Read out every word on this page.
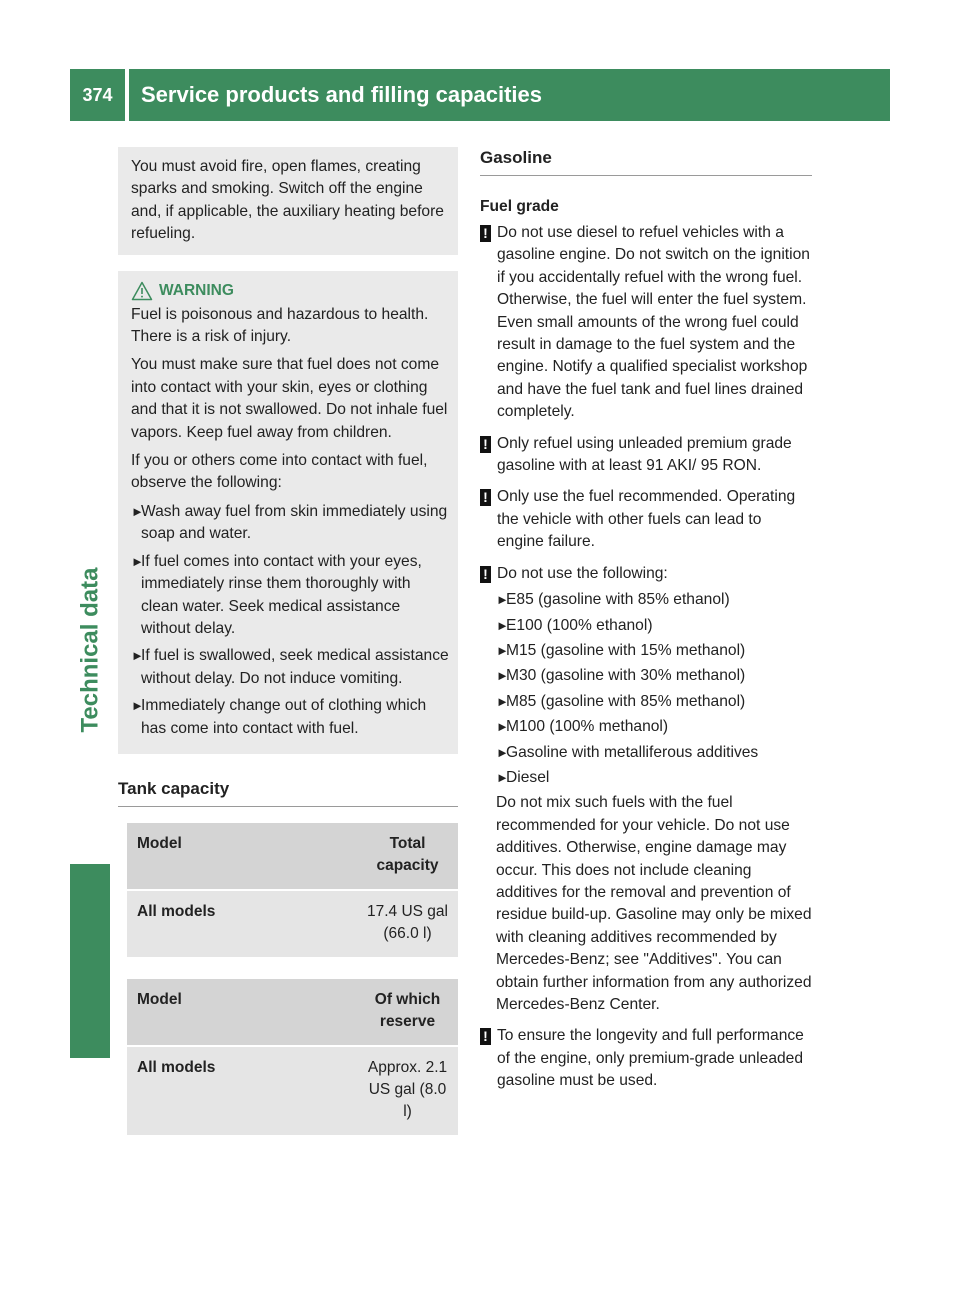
374	Service products and filling capacities
Technical data

You must avoid fire, open flames, creating sparks and smoking. Switch off the engine and, if applicable, the auxiliary heating before refueling.

WARNING

Fuel is poisonous and hazardous to health. There is a risk of injury.

You must make sure that fuel does not come into contact with your skin, eyes or clothing and that it is not swallowed. Do not inhale fuel vapors. Keep fuel away from children.

If you or others come into contact with fuel, observe the following:

►
Wash away fuel from skin immediately using soap and water.
►
If fuel comes into contact with your eyes, immediately rinse them thoroughly with clean water. Seek medical assistance without delay.
►
If fuel is swallowed, seek medical assistance without delay. Do not induce vomiting.
►
Immediately change out of clothing which has come into contact with fuel.
Tank capacity
Model	Total capacity

All models	17.4 US gal (66.0 l)
Model	Of which reserve

All models	Approx. 2.1 US gal (8.0 l)
Gasoline
Fuel grade
! Do not use diesel to refuel vehicles with a gasoline engine. Do not switch on the ignition if you accidentally refuel with the wrong fuel. Otherwise, the fuel will enter the fuel system. Even small amounts of the wrong fuel could result in damage to the fuel system and the engine. Notify a qualified specialist workshop and have the fuel tank and fuel lines drained completely.
! Only refuel using unleaded premium grade gasoline with at least 91 AKI/ 95 RON.
! Only use the fuel recommended. Operating the vehicle with other fuels can lead to engine failure.
! Do not use the following:
►
E85 (gasoline with 85% ethanol)
►
E100 (100% ethanol)
►
M15 (gasoline with 15% methanol)
►
M30 (gasoline with 30% methanol)
►
M85 (gasoline with 85% methanol)
►
M100 (100% methanol)
►
Gasoline with metalliferous additives
►
Diesel

Do not mix such fuels with the fuel recommended for your vehicle. Do not use additives. Otherwise, engine damage may occur. This does not include cleaning additives for the removal and prevention of residue build-up. Gasoline may only be mixed with cleaning additives recommended by Mercedes-Benz; see "Additives". You can obtain further information from any authorized Mercedes-Benz Center.

! To ensure the longevity and full performance of the engine, only premium-grade unleaded gasoline must be used.
